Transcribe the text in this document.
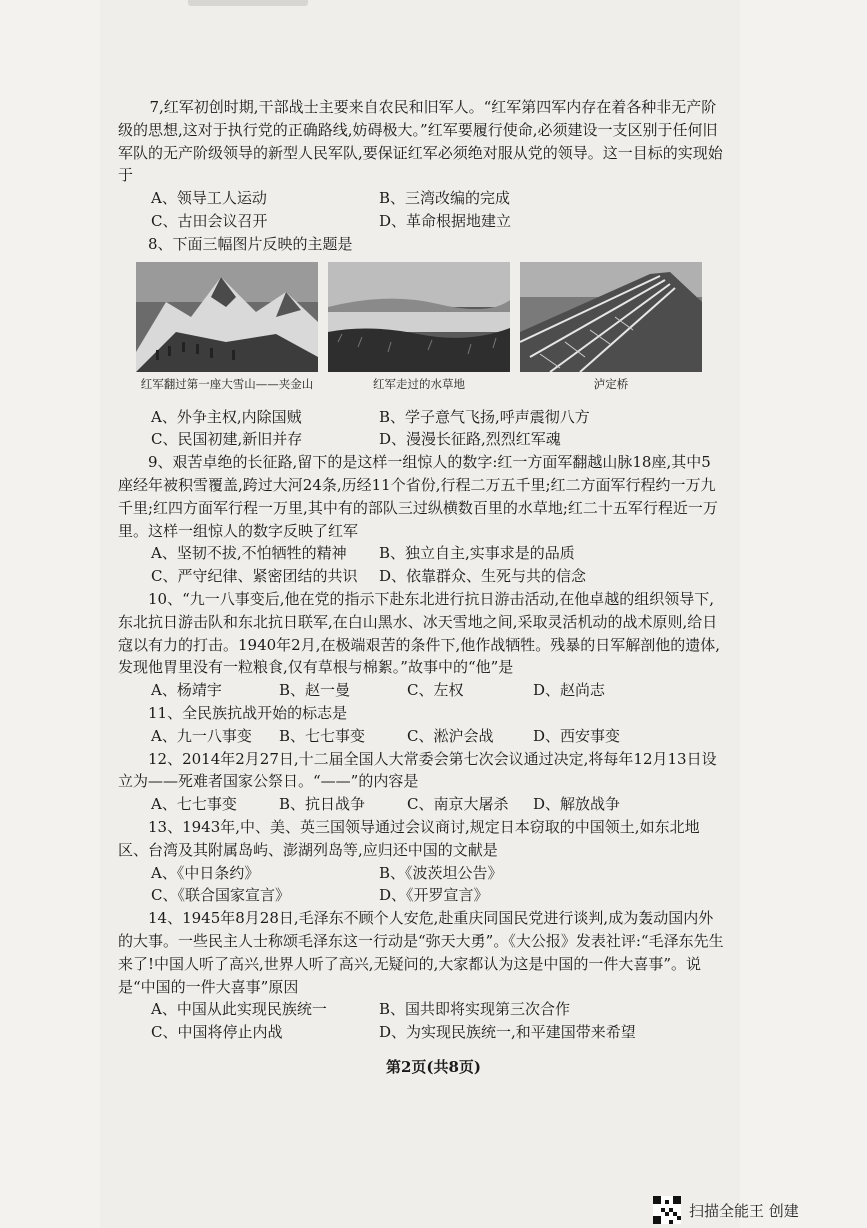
7,红军初创时期,干部战士主要来自农民和旧军人。“红军第四军内存在着各种非无产阶级的思想,这对于执行党的正确路线,妨碍极大。”红军要履行使命,必须建设一支区别于任何旧军队的无产阶级领导的新型人民军队,要保证红军必须绝对服从党的领导。这一目标的实现始于

A、领导工人运动	B、三湾改编的完成
C、古田会议召开	D、革命根据地建立

8、下面三幅图片反映的主题是

红军翻过第一座大雪山——夹金山	红军走过的水草地	泸定桥
A、外争主权,内除国贼	B、学子意气飞扬,呼声震彻八方
C、民国初建,新旧并存	D、漫漫长征路,烈烈红军魂

9、艰苦卓绝的长征路,留下的是这样一组惊人的数字:红一方面军翻越山脉18座,其中5座经年被积雪覆盖,跨过大河24条,历经11个省份,行程二万五千里;红二方面军行程约一万九千里;红四方面军行程一万里,其中有的部队三过纵横数百里的水草地;红二十五军行程近一万里。这样一组惊人的数字反映了红军

A、坚韧不拔,不怕牺牲的精神	B、独立自主,实事求是的品质
C、严守纪律、紧密团结的共识	D、依靠群众、生死与共的信念

10、“九一八事变后,他在党的指示下赴东北进行抗日游击活动,在他卓越的组织领导下,东北抗日游击队和东北抗日联军,在白山黑水、冰天雪地之间,采取灵活机动的战术原则,给日寇以有力的打击。1940年2月,在极端艰苦的条件下,他作战牺牲。残暴的日军解剖他的遗体,发现他胃里没有一粒粮食,仅有草根与棉絮。”故事中的“他”是

A、杨靖宇	B、赵一曼	C、左权	D、赵尚志

11、全民族抗战开始的标志是

A、九一八事变	B、七七事变	C、淞沪会战	D、西安事变

12、2014年2月27日,十二届全国人大常委会第七次会议通过决定,将每年12月13日设立为——死难者国家公祭日。“——”的内容是

A、七七事变	B、抗日战争	C、南京大屠杀	D、解放战争

13、1943年,中、美、英三国领导通过会议商讨,规定日本窃取的中国领土,如东北地区、台湾及其附属岛屿、澎湖列岛等,应归还中国的文献是

A、《中日条约》	B、《波茨坦公告》
C、《联合国家宣言》	D、《开罗宣言》

14、1945年8月28日,毛泽东不顾个人安危,赴重庆同国民党进行谈判,成为轰动国内外的大事。一些民主人士称颂毛泽东这一行动是“弥天大勇”。《大公报》发表社评:“毛泽东先生来了!中国人听了高兴,世界人听了高兴,无疑问的,大家都认为这是中国的一件大喜事”。说是“中国的一件大喜事”原因

A、中国从此实现民族统一	B、国共即将实现第三次合作
C、中国将停止内战	D、为实现民族统一,和平建国带来希望
第2页(共8页)
扫描全能王 创建
